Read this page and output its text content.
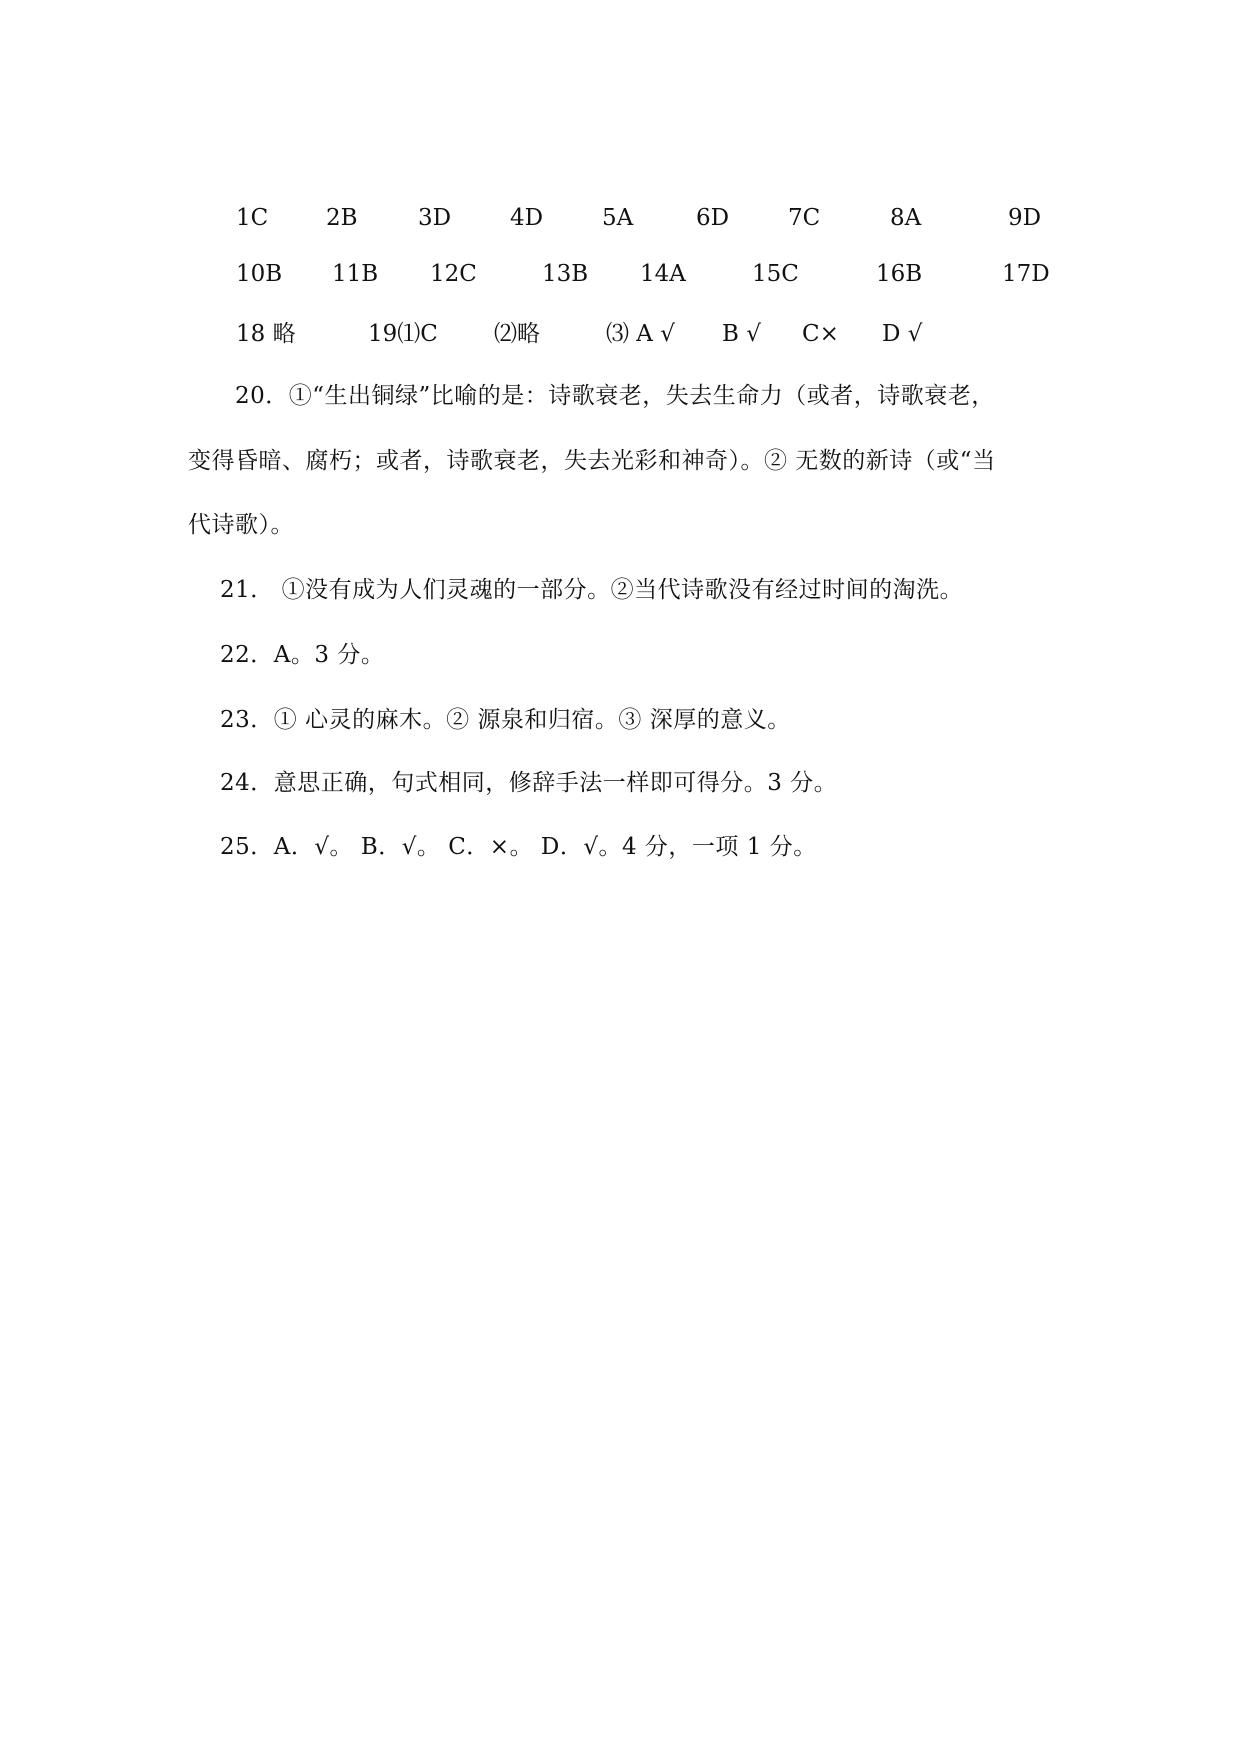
1C	2B	3D	4D	5A	6D	7C	8A	9D
10B 11B 12C	13B 14A	15C	16B	17D
18 略	19⑴C ⑵略	⑶ A √ B √ C× D √
20．①“生出铜绿”比喻的是：诗歌衰老，失去生命力（或者，诗歌衰老，
变得昏暗、腐朽；或者，诗歌衰老，失去光彩和神奇）。② 无数的新诗（或“当
代诗歌）。
21． ①没有成为人们灵魂的一部分。②当代诗歌没有经过时间的淘洗。
22．A。3 分。
23．① 心灵的麻木。② 源泉和归宿。③ 深厚的意义。
24．意思正确，句式相同，修辞手法一样即可得分。3 分。
25．A．√。 B．√。 C．×。 D．√。4 分，一项 1 分。
